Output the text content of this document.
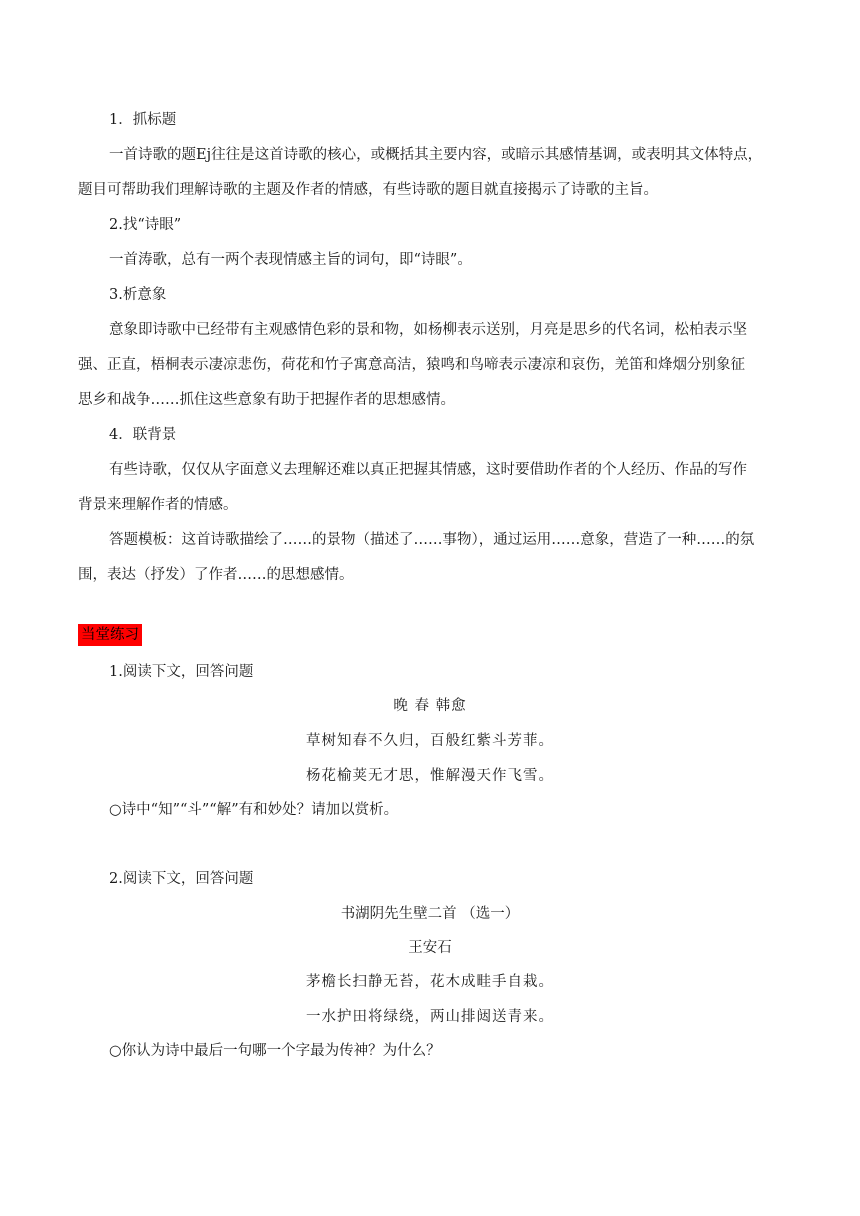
1．抓标题
一首诗歌的题Ej往往是这首诗歌的核心，或概括其主要内容，或暗示其感情基调，或表明其文体特点，
题目可帮助我们理解诗歌的主题及作者的情感，有些诗歌的题目就直接揭示了诗歌的主旨。
2.找“诗眼”
一首涛歌，总有一两个表现情感主旨的词句，即“诗眼”。
3.析意象
意象即诗歌中已经带有主观感情色彩的景和物，如杨柳表示送别，月亮是思乡的代名词，松柏表示坚
强、正直，梧桐表示凄凉悲伤，荷花和竹子寓意高洁，猿鸣和鸟啼表示凄凉和哀伤，羌笛和烽烟分别象征
思乡和战争……抓住这些意象有助于把握作者的思想感情。
4．联背景
有些诗歌，仅仅从字面意义去理解还难以真正把握其情感，这时要借助作者的个人经历、作品的写作
背景来理解作者的情感。
答题模板：这首诗歌描绘了……的景物（描述了……事物），通过运用……意象，营造了一种……的氛
围，表达（抒发）了作者……的思想感情。
当堂练习
1.阅读下文，回答问题
晚 春 韩愈
草树知春不久归，百般红紫斗芳菲。
杨花榆荚无才思，惟解漫天作飞雪。
○诗中“知”“斗”“解”有和妙处？请加以赏析。
2.阅读下文，回答问题
书湖阴先生壁二首 （选一）
王安石
茅檐长扫静无苔，花木成畦手自栽。
一水护田将绿绕，两山排闼送青来。
○你认为诗中最后一句哪一个字最为传神？为什么？
